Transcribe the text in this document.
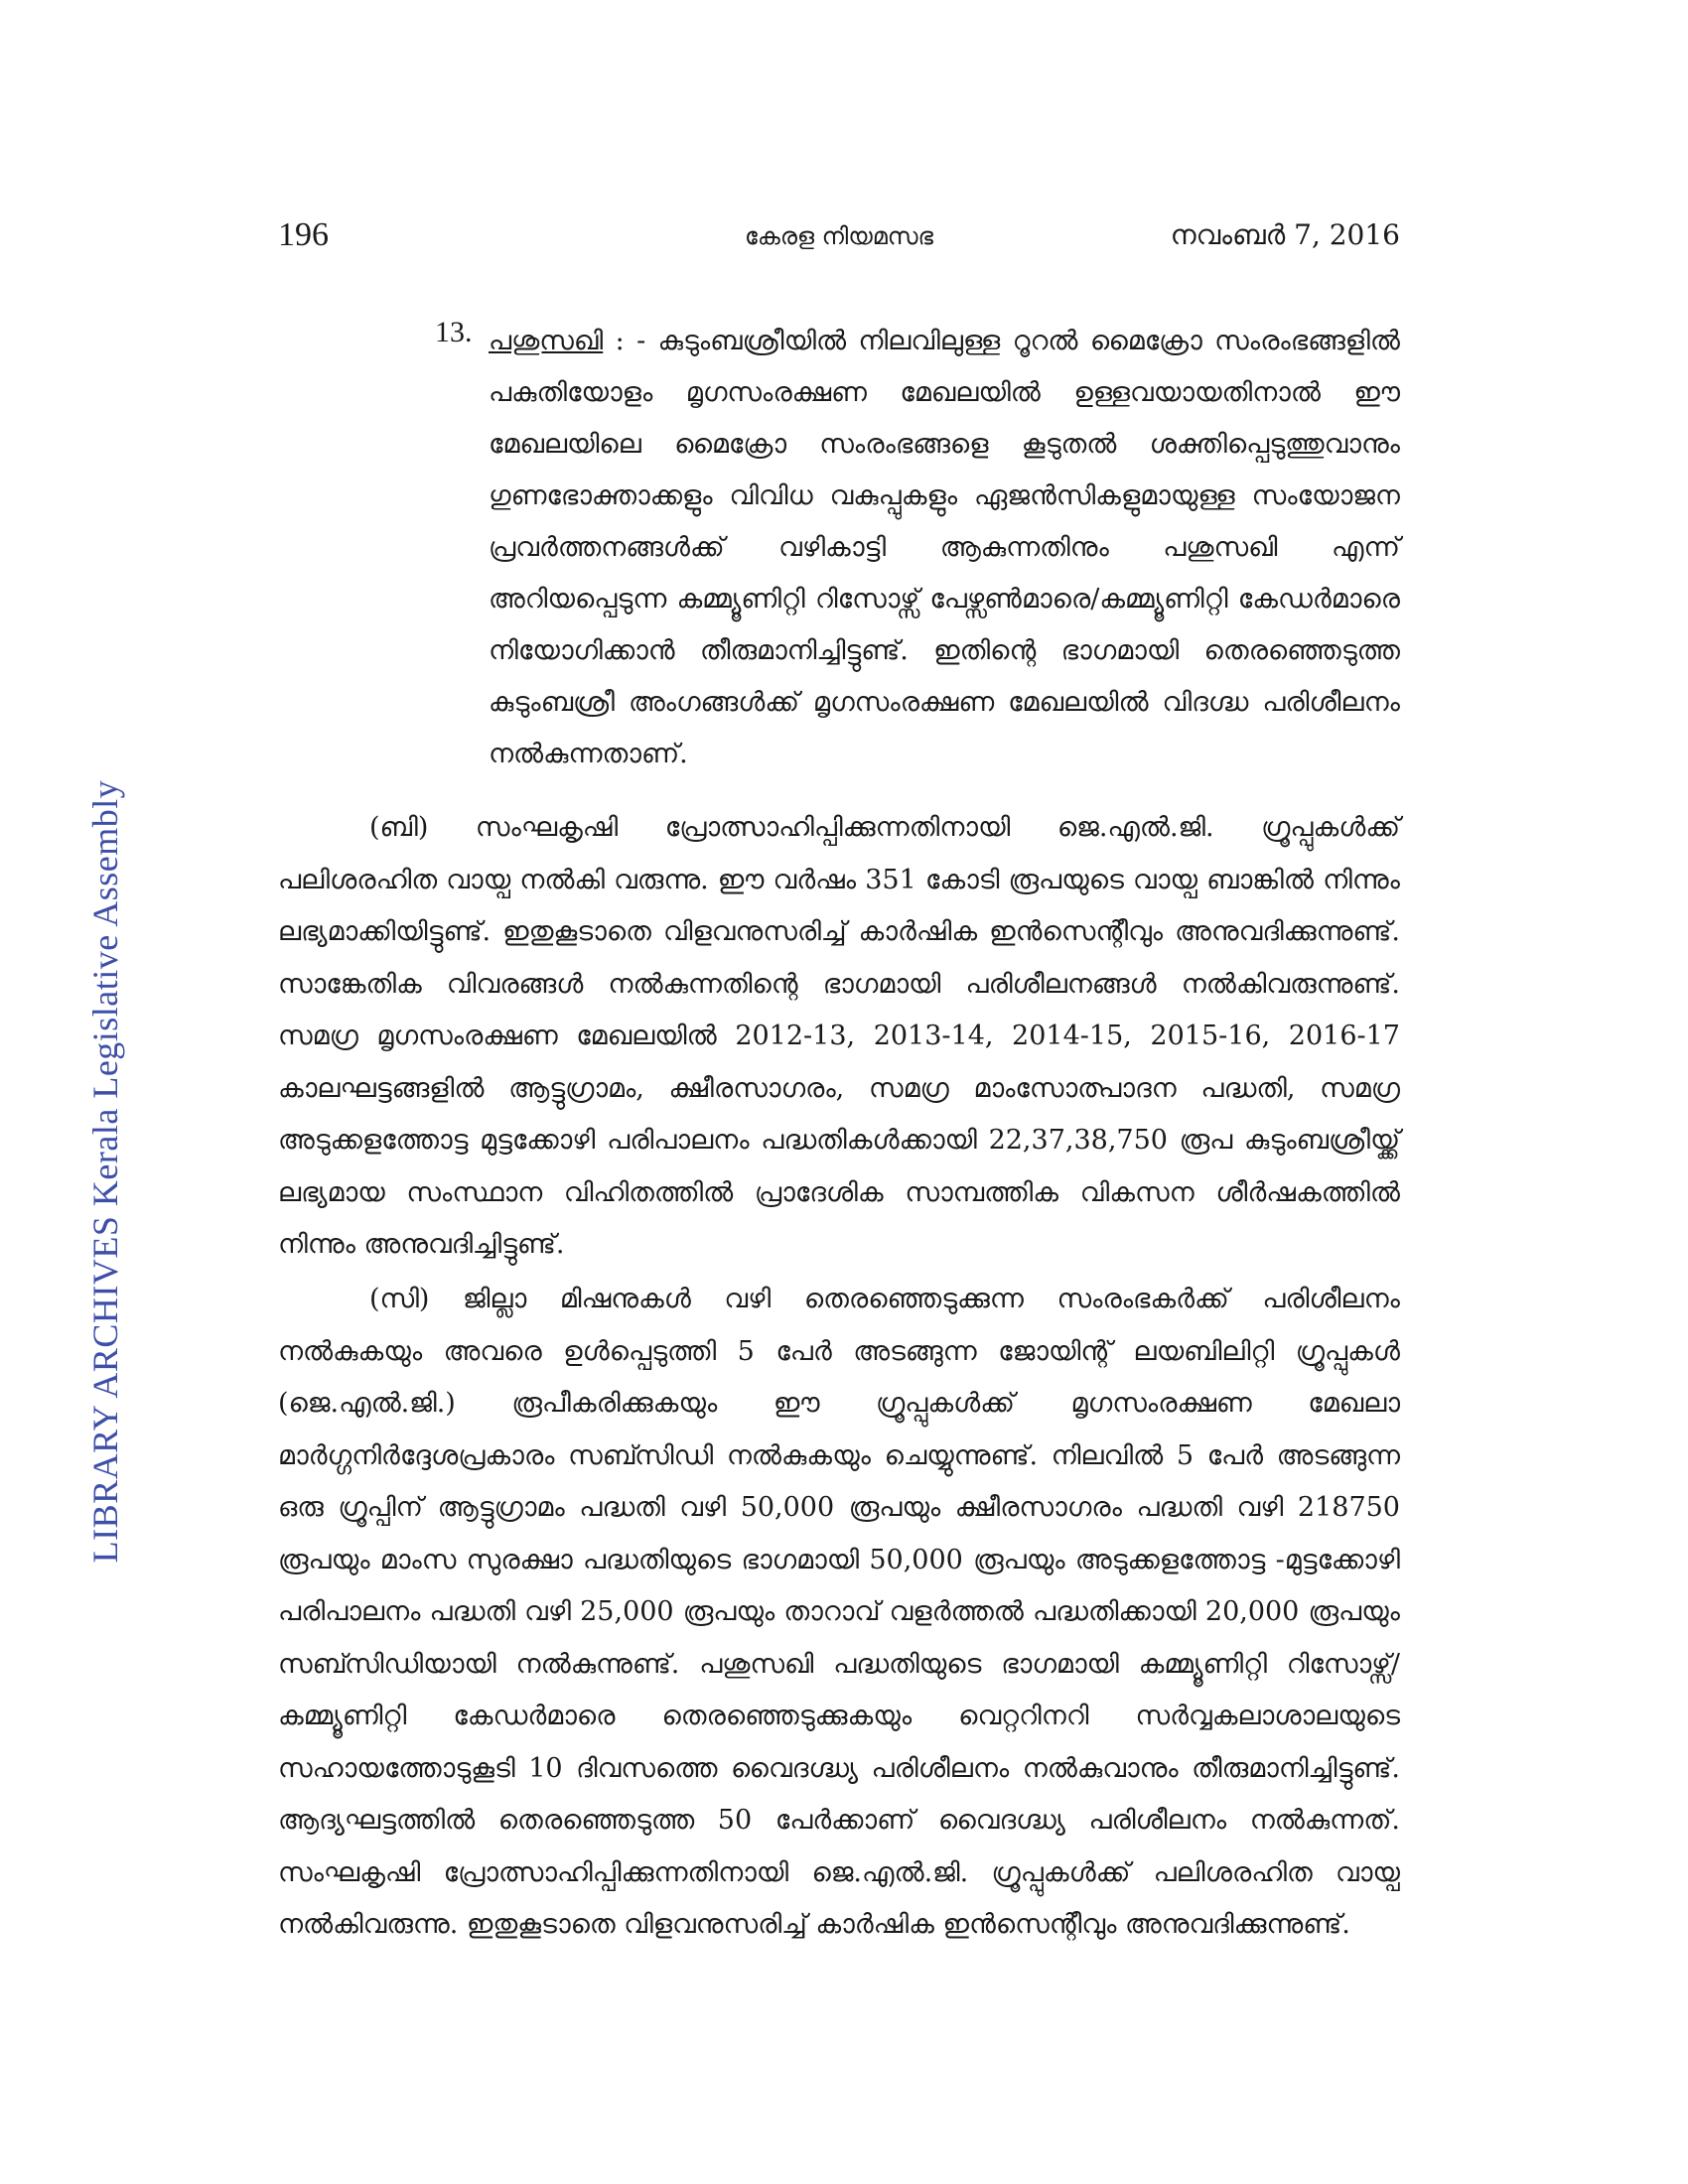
LIBRARY ARCHIVES Kerala Legislative Assembly
196	കേരള നിയമസഭ	നവംബർ 7, 2016
13. പശുസഖി : - കുടുംബശ്രീയിൽ നിലവിലുള്ള റൂറൽ മൈക്രോ സംരംഭങ്ങളിൽ പകുതിയോളം മൃഗസംരക്ഷണ മേഖലയിൽ ഉള്ളവയായതിനാൽ ഈ മേഖലയിലെ മൈക്രോ സംരംഭങ്ങളെ കൂടുതൽ ശക്തിപ്പെടുത്തുവാനും ഗുണഭോക്താക്കളും വിവിധ വകുപ്പുകളും ഏജൻസികളുമായുള്ള സംയോജന പ്രവർത്തനങ്ങൾക്ക് വഴികാട്ടി ആകുന്നതിനും പശുസഖി എന്ന് അറിയപ്പെടുന്ന കമ്മ്യൂണിറ്റി റിസോഴ്സ് പേഴ്സൺമാരെ/കമ്മ്യൂണിറ്റി കേഡർമാരെ നിയോഗിക്കാൻ തീരുമാനിച്ചിട്ടുണ്ട്. ഇതിന്റെ ഭാഗമായി തെരഞ്ഞെടുത്ത കുടുംബശ്രീ അംഗങ്ങൾക്ക് മൃഗസംരക്ഷണ മേഖലയിൽ വിദഗ്ദ്ധ പരിശീലനം നൽകുന്നതാണ്.
(ബി) സംഘകൃഷി പ്രോത്സാഹിപ്പിക്കുന്നതിനായി ജെ.എൽ.ജി. ഗ്രൂപ്പുകൾക്ക് പലിശരഹിത വായ്പ നൽകി വരുന്നു. ഈ വർഷം 351 കോടി രൂപയുടെ വായ്പ ബാങ്കിൽ നിന്നും ലഭ്യമാക്കിയിട്ടുണ്ട്. ഇതുകൂടാതെ വിളവനുസരിച്ച് കാർഷിക ഇൻസെന്റീവും അനുവദിക്കുന്നുണ്ട്. സാങ്കേതിക വിവരങ്ങൾ നൽകുന്നതിന്റെ ഭാഗമായി പരിശീലനങ്ങൾ നൽകിവരുന്നുണ്ട്. സമഗ്ര മൃഗസംരക്ഷണ മേഖലയിൽ 2012-13, 2013-14, 2014-15, 2015-16, 2016-17 കാലഘട്ടങ്ങളിൽ ആട്ടുഗ്രാമം, ക്ഷീരസാഗരം, സമഗ്ര മാംസോത്പാദന പദ്ധതി, സമഗ്ര അടുക്കളത്തോട്ട മുട്ടക്കോഴി പരിപാലനം പദ്ധതികൾക്കായി 22,37,38,750 രൂപ കുടുംബശ്രീയ്ക്ക് ലഭ്യമായ സംസ്ഥാന വിഹിതത്തിൽ പ്രാദേശിക സാമ്പത്തിക വികസന ശീർഷകത്തിൽ നിന്നും അനുവദിച്ചിട്ടുണ്ട്.
(സി) ജില്ലാ മിഷനുകൾ വഴി തെരഞ്ഞെടുക്കുന്ന സംരംഭകർക്ക് പരിശീലനം നൽകുകയും അവരെ ഉൾപ്പെടുത്തി 5 പേർ അടങ്ങുന്ന ജോയിന്റ് ലയബിലിറ്റി ഗ്രൂപ്പുകൾ (ജെ.എൽ.ജി.) രൂപീകരിക്കുകയും ഈ ഗ്രൂപ്പുകൾക്ക് മൃഗസംരക്ഷണ മേഖലാ മാർഗ്ഗനിർദ്ദേശപ്രകാരം സബ്സിഡി നൽകുകയും ചെയ്യുന്നുണ്ട്. നിലവിൽ 5 പേർ അടങ്ങുന്ന ഒരു ഗ്രൂപ്പിന് ആട്ടുഗ്രാമം പദ്ധതി വഴി 50,000 രൂപയും ക്ഷീരസാഗരം പദ്ധതി വഴി 218750 രൂപയും മാംസ സുരക്ഷാ പദ്ധതിയുടെ ഭാഗമായി 50,000 രൂപയും അടുക്കളത്തോട്ട -മുട്ടക്കോഴി പരിപാലനം പദ്ധതി വഴി 25,000 രൂപയും താറാവ് വളർത്തൽ പദ്ധതിക്കായി 20,000 രൂപയും സബ്സിഡിയായി നൽകുന്നുണ്ട്. പശുസഖി പദ്ധതിയുടെ ഭാഗമായി കമ്മ്യൂണിറ്റി റിസോഴ്സ്/കമ്മ്യൂണിറ്റി കേഡർമാരെ തെരഞ്ഞെടുക്കുകയും വെറ്ററിനറി സർവ്വകലാശാലയുടെ സഹായത്തോടുകൂടി 10 ദിവസത്തെ വൈദഗ്ദ്ധ്യ പരിശീലനം നൽകുവാനും തീരുമാനിച്ചിട്ടുണ്ട്. ആദ്യഘട്ടത്തിൽ തെരഞ്ഞെടുത്ത 50 പേർക്കാണ് വൈദഗ്ദ്ധ്യ പരിശീലനം നൽകുന്നത്. സംഘകൃഷി പ്രോത്സാഹിപ്പിക്കുന്നതിനായി ജെ.എൽ.ജി. ഗ്രൂപ്പുകൾക്ക് പലിശരഹിത വായ്പ നൽകിവരുന്നു. ഇതുകൂടാതെ വിളവനുസരിച്ച് കാർഷിക ഇൻസെന്റീവും അനുവദിക്കുന്നുണ്ട്.
